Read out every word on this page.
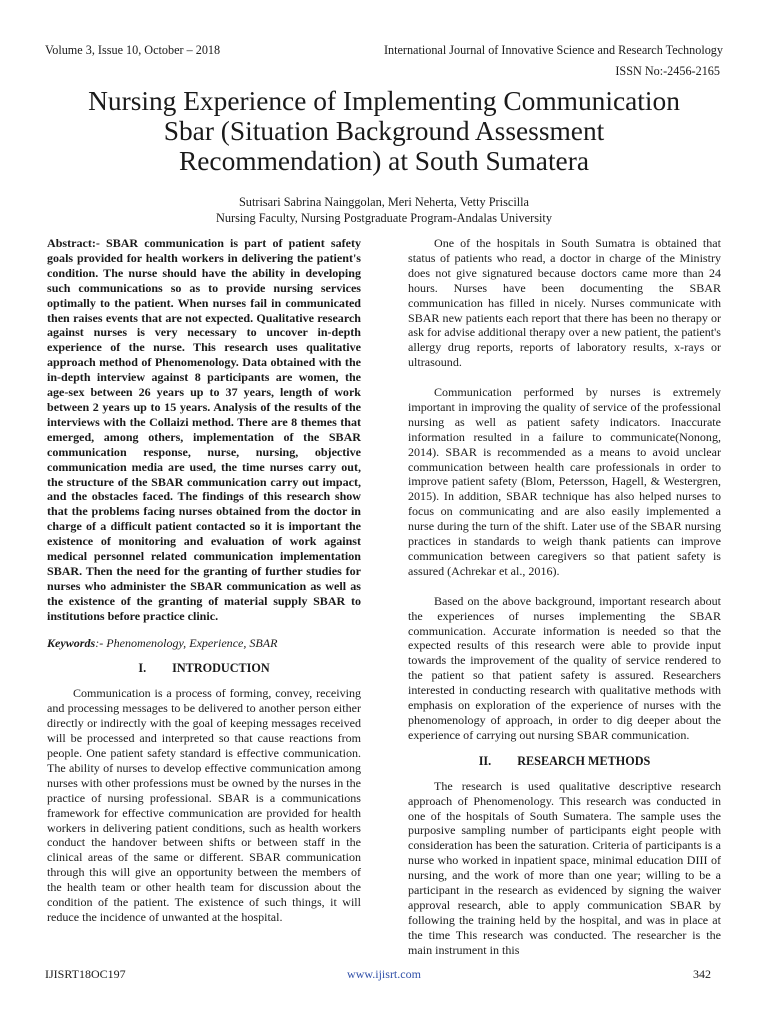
Volume 3, Issue 10, October – 2018	International Journal of Innovative Science and Research Technology
ISSN No:-2456-2165
Nursing Experience of Implementing Communication
Sbar (Situation Background Assessment
Recommendation) at South Sumatera
Sutrisari Sabrina Nainggolan, Meri Neherta, Vetty Priscilla
Nursing Faculty, Nursing Postgraduate Program-Andalas University

Abstract:- SBAR communication is part of patient safety goals provided for health workers in delivering the patient's condition. The nurse should have the ability in developing such communications so as to provide nursing services optimally to the patient. When nurses fail in communicated then raises events that are not expected. Qualitative research against nurses is very necessary to uncover in-depth experience of the nurse. This research uses qualitative approach method of Phenomenology. Data obtained with the in-depth interview against 8 participants are women, the age-sex between 26 years up to 37 years, length of work between 2 years up to 15 years. Analysis of the results of the interviews with the Collaizi method. There are 8 themes that emerged, among others, implementation of the SBAR communication response, nurse, nursing, objective communication media are used, the time nurses carry out, the structure of the SBAR communication carry out impact, and the obstacles faced. The findings of this research show that the problems facing nurses obtained from the doctor in charge of a difficult patient contacted so it is important the existence of monitoring and evaluation of work against medical personnel related communication implementation SBAR. Then the need for the granting of further studies for nurses who administer the SBAR communication as well as the existence of the granting of material supply SBAR to institutions before practice clinic.

Keywords:- Phenomenology, Experience, SBAR

I. INTRODUCTION

Communication is a process of forming, convey, receiving and processing messages to be delivered to another person either directly or indirectly with the goal of keeping messages received will be processed and interpreted so that cause reactions from people. One patient safety standard is effective communication. The ability of nurses to develop effective communication among nurses with other professions must be owned by the nurses in the practice of nursing professional. SBAR is a communications framework for effective communication are provided for health workers in delivering patient conditions, such as health workers conduct the handover between shifts or between staff in the clinical areas of the same or different. SBAR communication through this will give an opportunity between the members of the health team or other health team for discussion about the condition of the patient. The existence of such things, it will reduce the incidence of unwanted at the hospital.

One of the hospitals in South Sumatra is obtained that status of patients who read, a doctor in charge of the Ministry does not give signatured because doctors came more than 24 hours. Nurses have been documenting the SBAR communication has filled in nicely. Nurses communicate with SBAR new patients each report that there has been no therapy or ask for advise additional therapy over a new patient, the patient's allergy drug reports, reports of laboratory results, x-rays or ultrasound.

Communication performed by nurses is extremely important in improving the quality of service of the professional nursing as well as patient safety indicators. Inaccurate information resulted in a failure to communicate(Nonong, 2014). SBAR is recommended as a means to avoid unclear communication between health care professionals in order to improve patient safety (Blom, Petersson, Hagell, & Westergren, 2015). In addition, SBAR technique has also helped nurses to focus on communicating and are also easily implemented a nurse during the turn of the shift. Later use of the SBAR nursing practices in standards to weigh thank patients can improve communication between caregivers so that patient safety is assured (Achrekar et al., 2016).

Based on the above background, important research about the experiences of nurses implementing the SBAR communication. Accurate information is needed so that the expected results of this research were able to provide input towards the improvement of the quality of service rendered to the patient so that patient safety is assured. Researchers interested in conducting research with qualitative methods with emphasis on exploration of the experience of nurses with the phenomenology of approach, in order to dig deeper about the experience of carrying out nursing SBAR communication.

II. RESEARCH METHODS

The research is used qualitative descriptive research approach of Phenomenology. This research was conducted in one of the hospitals of South Sumatera. The sample uses the purposive sampling number of participants eight people with consideration has been the saturation. Criteria of participants is a nurse who worked in inpatient space, minimal education DIII of nursing, and the work of more than one year; willing to be a participant in the research as evidenced by signing the waiver approval research, able to apply communication SBAR by following the training held by the hospital, and was in place at the time This research was conducted. The researcher is the main instrument in this

IJISRT18OC197	www.ijisrt.com	342
